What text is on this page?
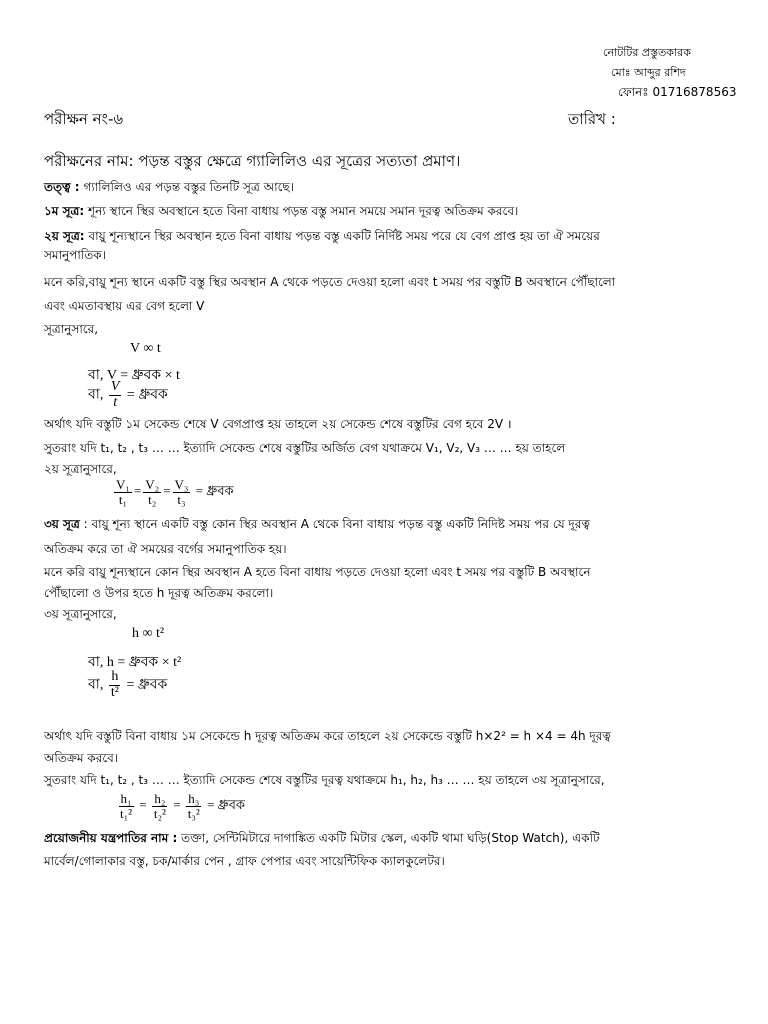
নোটটির প্রস্তুতকারক
মোঃ আব্দুর রশিদ
ফোনঃ 01716878563
পরীক্ষন নং-৬	তারিখ :
পরীক্ষনের নাম: পড়ন্ত বস্তুর ক্ষেত্রে গ্যালিলিও এর সূত্রের সত্যতা প্রমাণ।
তত্ত্ব : গ্যালিলিও এর পড়ন্ত বস্তুর তিনটি সূত্র আছে।
১ম সূত্র: শূন্য স্থানে স্থির অবস্থানে হতে বিনা বাধায় পড়ন্ত বস্তু সমান সময়ে সমান দূরত্ব অতিক্রম করবে।
২য় সূত্র: বায়ু শূন্যস্থানে স্থির অবস্থান হতে বিনা বাধায় পড়ন্ত বস্তু একটি নির্দিষ্ট সময় পরে যে বেগ প্রাপ্ত হয় তা ঐ সময়ের
সমানুপাতিক।
মনে করি,বায়ু শূন্য স্থানে একটি বস্তু স্থির অবস্থান A থেকে পড়তে দেওয়া হলো এবং t সময় পর বস্তুটি B অবস্থানে পৌঁছালো
এবং এমতাবস্থায় এর বেগ হলো V
সূত্রানুসারে,
V ∞ t
বা, V = ধ্রুবক × t
বা, $\frac{V}{t}$ = ধ্রুবক
অর্থাৎ যদি বস্তুটি ১ম সেকেন্ড শেষে V বেগপ্রাপ্ত হয় তাহলে ২য় সেকেন্ড শেষে বস্তুটির বেগ হবে 2V ।
সুতরাং যদি t₁, t₂ , t₃ … … ইত্যাদি সেকেন্ড শেষে বস্তুটির অর্জিত বেগ যথাক্রমে V₁, V₂, V₃ … … হয় তাহলে
২য় সূত্রানুসারে,
$\frac{\text{V₁}}{\text{t₁}} = \frac{\text{V₂}}{\text{t₂}} = \frac{\text{V₃}}{\text{t₃}}$ = ধ্রুবক
৩য় সূত্র : বায়ু শূন্য স্থানে একটি বস্তু কোন স্থির অবস্থান A থেকে বিনা বাধায় পড়ন্ত বস্তু একটি নিদিষ্ট সময় পর যে দূরত্ব
অতিক্রম করে তা ঐ সময়ের বর্গের সমানুপাতিক হয়।
মনে করি বায়ু শূন্যস্থানে কোন স্থির অবস্থান A হতে বিনা বাধায় পড়তে দেওয়া হলো এবং t সময় পর বস্তুটি B অবস্থানে
পৌঁছালো ও উপর হতে h দূরত্ব অতিক্রম করলো।
৩য় সূত্রানুসারে,
h ∞ t²
বা, h = ধ্রুবক × t²
বা, $\frac{h}{\text{t²}}$ = ধ্রুবক
অর্থাৎ যদি বস্তুটি বিনা বাধায় ১ম সেকেন্ডে h দূরত্ব অতিক্রম করে তাহলে ২য় সেকেন্ডে বস্তুটি h×2² = h ×4 = 4h দূরত্ব
অতিক্রম করবে।
সুতরাং যদি t₁, t₂ , t₃ … … ইত্যাদি সেকেন্ড শেষে বস্তুটির দূরত্ব যথাক্রমে h₁, h₂, h₃ … … হয় তাহলে ৩য় সূত্রানুসারে,
$\frac{\text{h₁}}{\text{t₁²}} = \frac{\text{h₂}}{\text{t₂²}} = \frac{\text{h₃}}{\text{t₃²}}$ = ধ্রুবক
প্রয়োজনীয় যন্ত্রপাতির নাম : তক্তা, সেন্টিমিটারে দাগাঙ্কিত একটি মিটার স্কেল, একটি থামা ঘড়ি(Stop Watch), একটি
মার্বেল/গোলাকার বস্তু, চক/মার্কার পেন , গ্রাফ পেপার এবং সায়েন্টিফিক ক্যালকুলেটর।
